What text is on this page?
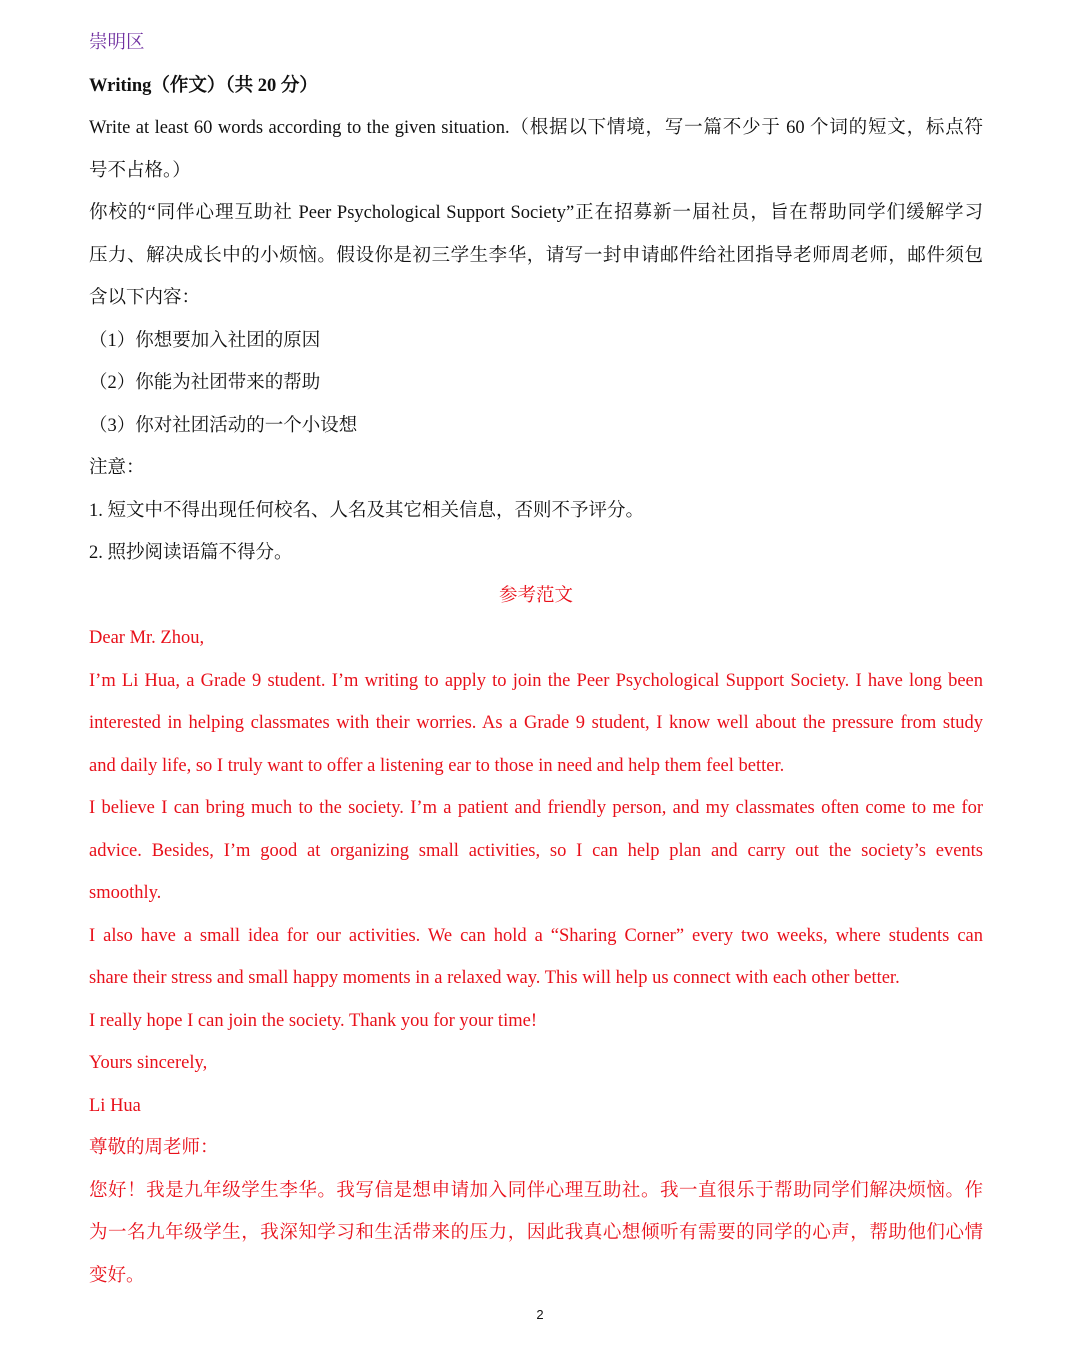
崇明区
Writing（作文）（共 20 分）
Write at least 60 words according to the given situation.（根据以下情境，写一篇不少于 60 个词的短文，标点符
号不占格。）
你校的“同伴心理互助社 Peer Psychological Support Society”正在招募新一届社员，旨在帮助同学们缓解学习
压力、解决成长中的小烦恼。假设你是初三学生李华，请写一封申请邮件给社团指导老师周老师，邮件须包
含以下内容：
（1）你想要加入社团的原因
（2）你能为社团带来的帮助
（3）你对社团活动的一个小设想
注意：
1. 短文中不得出现任何校名、人名及其它相关信息，否则不予评分。
2. 照抄阅读语篇不得分。
参考范文
Dear Mr. Zhou,
I’m Li Hua, a Grade 9 student. I’m writing to apply to join the Peer Psychological Support Society. I have long been
interested in helping classmates with their worries. As a Grade 9 student, I know well about the pressure from study
and daily life, so I truly want to offer a listening ear to those in need and help them feel better.
I believe I can bring much to the society. I’m a patient and friendly person, and my classmates often come to me for
advice. Besides, I’m good at organizing small activities, so I can help plan and carry out the society’s events
smoothly.
I also have a small idea for our activities. We can hold a “Sharing Corner” every two weeks, where students can
share their stress and small happy moments in a relaxed way. This will help us connect with each other better.
I really hope I can join the society. Thank you for your time!
Yours sincerely,
Li Hua
尊敬的周老师：
您好！我是九年级学生李华。我写信是想申请加入同伴心理互助社。我一直很乐于帮助同学们解决烦恼。作
为一名九年级学生，我深知学习和生活带来的压力，因此我真心想倾听有需要的同学的心声，帮助他们心情
变好。
2
